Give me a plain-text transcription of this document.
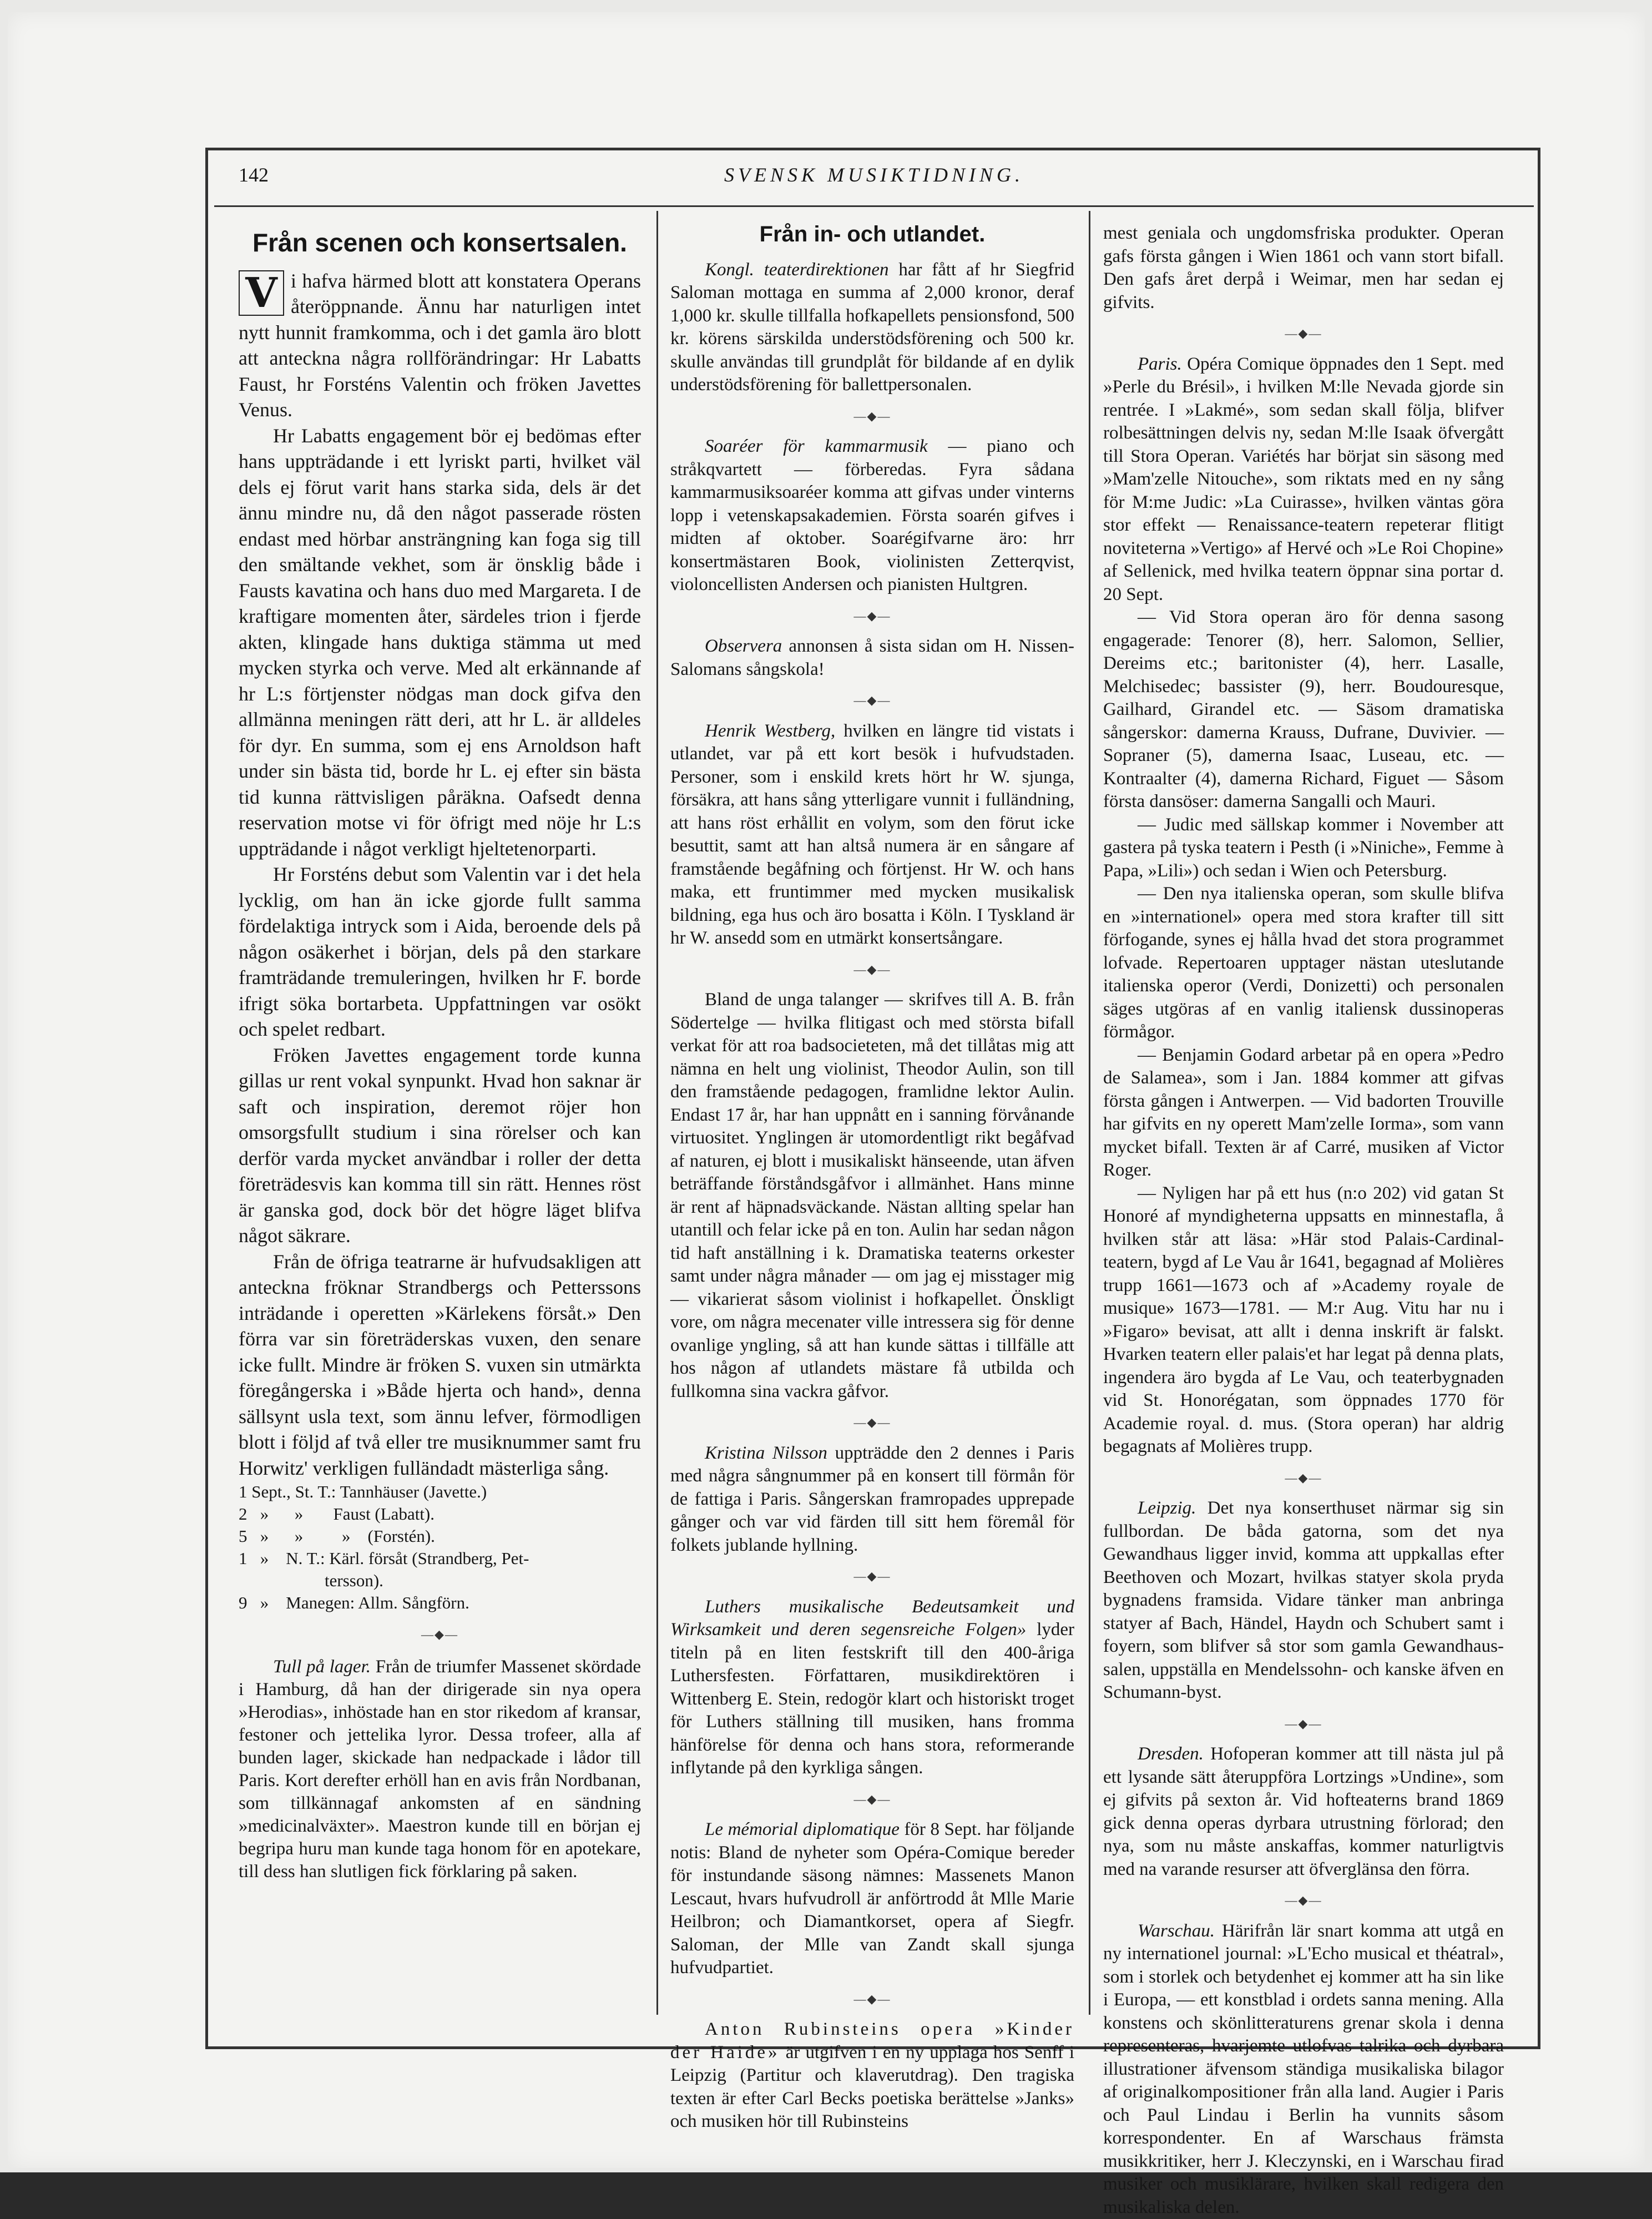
142	SVENSK MUSIKTIDNING.
Från scenen och konsertsalen.

V i hafva härmed blott att konstatera Operans återöppnande. Ännu har naturligen intet nytt hunnit framkomma, och i det gamla äro blott att anteckna några rollförändringar: Hr Labatts Faust, hr Forsténs Valentin och fröken Javettes Venus.

Hr Labatts engagement bör ej bedömas efter hans uppträdande i ett lyriskt parti, hvilket väl dels ej förut varit hans starka sida, dels är det ännu mindre nu, då den något passerade rösten endast med hörbar ansträngning kan foga sig till den smältande vekhet, som är önsklig både i Fausts kavatina och hans duo med Margareta. I de kraftigare momenten åter, särdeles trion i fjerde akten, klingade hans duktiga stämma ut med mycken styrka och verve. Med alt erkännande af hr L:s förtjenster nödgas man dock gifva den allmänna meningen rätt deri, att hr L. är alldeles för dyr. En summa, som ej ens Arnoldson haft under sin bästa tid, borde hr L. ej efter sin bästa tid kunna rättvisligen påräkna. Oafsedt denna reservation motse vi för öfrigt med nöje hr L:s uppträdande i något verkligt hjeltetenorparti.

Hr Forsténs debut som Valentin var i det hela lycklig, om han än icke gjorde fullt samma fördelaktiga intryck som i Aida, beroende dels på någon osäkerhet i början, dels på den starkare framträdande tremuleringen, hvilken hr F. borde ifrigt söka bortarbeta. Uppfattningen var osökt och spelet redbart.

Fröken Javettes engagement torde kunna gillas ur rent vokal synpunkt. Hvad hon saknar är saft och inspiration, deremot röjer hon omsorgsfullt studium i sina rörelser och kan derför varda mycket användbar i roller der detta företrädesvis kan komma till sin rätt. Hennes röst är ganska god, dock bör det högre läget blifva något säkrare.

Från de öfriga teatrarne är hufvudsakligen att anteckna fröknar Strandbergs och Petterssons inträdande i operetten »Kärlekens försåt.» Den förra var sin företräderskas vuxen, den senare icke fullt. Mindre är fröken S. vuxen sin utmärkta föregångerska i »Både hjerta och hand», denna sällsynt usla text, som ännu lefver, förmodligen blott i följd af två eller tre musiknummer samt fru Horwitz' verkligen fulländadt mästerliga sång.

1 Sept., St. T.: Tannhäuser (Javette.)
2   »      »       Faust (Labatt).
5   »      »         »    (Forstén).
1   »    N. T.: Kärl. försåt (Strandberg, Pet-
tersson).
9   »    Manegen: Allm. Sångförn.
—◆—

Tull på lager. Från de triumfer Massenet skördade i Hamburg, då han der dirigerade sin nya opera »Herodias», inhöstade han en stor rikedom af kransar, festoner och jettelika lyror. Dessa trofeer, alla af bunden lager, skickade han nedpackade i lådor till Paris. Kort derefter erhöll han en avis från Nordbanan, som tillkännagaf ankomsten af en sändning »medicinalväxter». Maestron kunde till en början ej begripa huru man kunde taga honom för en apotekare, till dess han slutligen fick förklaring på saken.

Från in- och utlandet.

Kongl. teaterdirektionen har fått af hr Siegfrid Saloman mottaga en summa af 2,000 kronor, deraf 1,000 kr. skulle tillfalla hofkapellets pensionsfond, 500 kr. körens särskilda understödsförening och 500 kr. skulle användas till grundplåt för bildande af en dylik understödsförening för ballettpersonalen.

—◆—

Soaréer för kammarmusik — piano och stråkqvartett — förberedas. Fyra sådana kammarmusiksoaréer komma att gifvas under vinterns lopp i vetenskapsakademien. Första soarén gifves i midten af oktober. Soarégifvarne äro: hrr konsertmästaren Book, violinisten Zetterqvist, violoncellisten Andersen och pianisten Hultgren.

—◆—

Observera annonsen å sista sidan om H. Nissen-Salomans sångskola!

—◆—

Henrik Westberg, hvilken en längre tid vistats i utlandet, var på ett kort besök i hufvudstaden. Personer, som i enskild krets hört hr W. sjunga, försäkra, att hans sång ytterligare vunnit i fulländning, att hans röst erhållit en volym, som den förut icke besuttit, samt att han altså numera är en sångare af framstående begåfning och förtjenst. Hr W. och hans maka, ett fruntimmer med mycken musikalisk bildning, ega hus och äro bosatta i Köln. I Tyskland är hr W. ansedd som en utmärkt konsertsångare.

—◆—

Bland de unga talanger — skrifves till A. B. från Södertelge — hvilka flitigast och med största bifall verkat för att roa badsocieteten, må det tillåtas mig att nämna en helt ung violinist, Theodor Aulin, son till den framstående pedagogen, framlidne lektor Aulin. Endast 17 år, har han uppnått en i sanning förvånande virtuositet. Ynglingen är utomordentligt rikt begåfvad af naturen, ej blott i musikaliskt hänseende, utan äfven beträffande förståndsgåfvor i allmänhet. Hans minne är rent af häpnadsväckande. Nästan allting spelar han utantill och felar icke på en ton. Aulin har sedan någon tid haft anställning i k. Dramatiska teaterns orkester samt under några månader — om jag ej misstager mig — vikarierat såsom violinist i hofkapellet. Önskligt vore, om några mecenater ville intressera sig för denne ovanlige yngling, så att han kunde sättas i tillfälle att hos någon af utlandets mästare få utbilda och fullkomna sina vackra gåfvor.

—◆—

Kristina Nilsson uppträdde den 2 dennes i Paris med några sångnummer på en konsert till förmån för de fattiga i Paris. Sångerskan framropades upprepade gånger och var vid färden till sitt hem föremål för folkets jublande hyllning.

—◆—

Luthers musikalische Bedeutsamkeit und Wirksamkeit und deren segensreiche Folgen» lyder titeln på en liten festskrift till den 400-åriga Luthersfesten. Författaren, musikdirektören i Wittenberg E. Stein, redogör klart och historiskt troget för Luthers ställning till musiken, hans fromma hänförelse för denna och hans stora, reformerande inflytande på den kyrkliga sången.

—◆—

Le mémorial diplomatique för 8 Sept. har följande notis: Bland de nyheter som Opéra-Comique bereder för instundande säsong nämnes: Massenets Manon Lescaut, hvars hufvudroll är anförtrodd åt Mlle Marie Heilbron; och Diamantkorset, opera af Siegfr. Saloman, der Mlle van Zandt skall sjunga hufvudpartiet.

—◆—

Anton Rubinsteins opera »Kinder der Haide» är utgifven i en ny upplaga hos Senff i Leipzig (Partitur och klaverutdrag). Den tragiska texten är efter Carl Becks poetiska berättelse »Janks» och musiken hör till Rubinsteins

mest geniala och ungdomsfriska produkter. Operan gafs första gången i Wien 1861 och vann stort bifall. Den gafs året derpå i Weimar, men har sedan ej gifvits.

—◆—

Paris. Opéra Comique öppnades den 1 Sept. med »Perle du Brésil», i hvilken M:lle Nevada gjorde sin rentrée. I »Lakmé», som sedan skall följa, blifver rolbesättningen delvis ny, sedan M:lle Isaak öfvergått till Stora Operan. Variétés har börjat sin säsong med »Mam'zelle Nitouche», som riktats med en ny sång för M:me Judic: »La Cuirasse», hvilken väntas göra stor effekt — Renaissance-teatern repeterar flitigt noviteterna »Vertigo» af Hervé och »Le Roi Chopine» af Sellenick, med hvilka teatern öppnar sina portar d. 20 Sept.

— Vid Stora operan äro för denna sasong engagerade: Tenorer (8), herr. Salomon, Sellier, Dereims etc.; baritonister (4), herr. Lasalle, Melchisedec; bassister (9), herr. Boudouresque, Gailhard, Girandel etc. — Säsom dramatiska sångerskor: damerna Krauss, Dufrane, Duvivier. — Sopraner (5), damerna Isaac, Luseau, etc. — Kontraalter (4), damerna Richard, Figuet — Såsom första dansöser: damerna Sangalli och Mauri.

— Judic med sällskap kommer i November att gastera på tyska teatern i Pesth (i »Niniche», Femme à Papa, »Lili») och sedan i Wien och Petersburg.

— Den nya italienska operan, som skulle blifva en »internationel» opera med stora krafter till sitt förfogande, synes ej hålla hvad det stora programmet lofvade. Repertoaren upptager nästan uteslutande italienska operor (Verdi, Donizetti) och personalen säges utgöras af en vanlig italiensk dussinoperas förmågor.

— Benjamin Godard arbetar på en opera »Pedro de Salamea», som i Jan. 1884 kommer att gifvas första gången i Antwerpen. — Vid badorten Trouville har gifvits en ny operett Mam'zelle Iorma», som vann mycket bifall. Texten är af Carré, musiken af Victor Roger.

— Nyligen har på ett hus (n:o 202) vid gatan St Honoré af myndigheterna uppsatts en minnestafla, å hvilken står att läsa: »Här stod Palais-Cardinal-teatern, bygd af Le Vau år 1641, begagnad af Molières trupp 1661—1673 och af »Academy royale de musique» 1673—1781. — M:r Aug. Vitu har nu i »Figaro» bevisat, att allt i denna inskrift är falskt. Hvarken teatern eller palais'et har legat på denna plats, ingendera äro bygda af Le Vau, och teaterbygnaden vid St. Honorégatan, som öppnades 1770 för Academie royal. d. mus. (Stora operan) har aldrig begagnats af Molières trupp.

—◆—

Leipzig. Det nya konserthuset närmar sig sin fullbordan. De båda gatorna, som det nya Gewandhaus ligger invid, komma att uppkallas efter Beethoven och Mozart, hvilkas statyer skola pryda bygnadens framsida. Vidare tänker man anbringa statyer af Bach, Händel, Haydn och Schubert samt i foyern, som blifver så stor som gamla Gewandhaus-salen, uppställa en Mendelssohn- och kanske äfven en Schumann-byst.

—◆—

Dresden. Hofoperan kommer att till nästa jul på ett lysande sätt återuppföra Lortzings »Undine», som ej gifvits på sexton år. Vid hofteaterns brand 1869 gick denna operas dyrbara utrustning förlorad; den nya, som nu måste anskaffas, kommer naturligtvis med na varande resurser att öfverglänsa den förra.

—◆—

Warschau. Härifrån lär snart komma att utgå en ny internationel journal: »L'Echo musical et théatral», som i storlek och betydenhet ej kommer att ha sin like i Europa, — ett konstblad i ordets sanna mening. Alla konstens och skönlitteraturens grenar skola i denna representeras, hvarjemte utlofvas talrika och dyrbara illustrationer äfvensom ständiga musikaliska bilagor af originalkompositioner från alla land. Augier i Paris och Paul Lindau i Berlin ha vunnits såsom korrespondenter. En af Warschaus främsta musikkritiker, herr J. Kleczynski, en i Warschau firad musiker och musiklärare, hvilken skall redigera den musikaliska delen.
